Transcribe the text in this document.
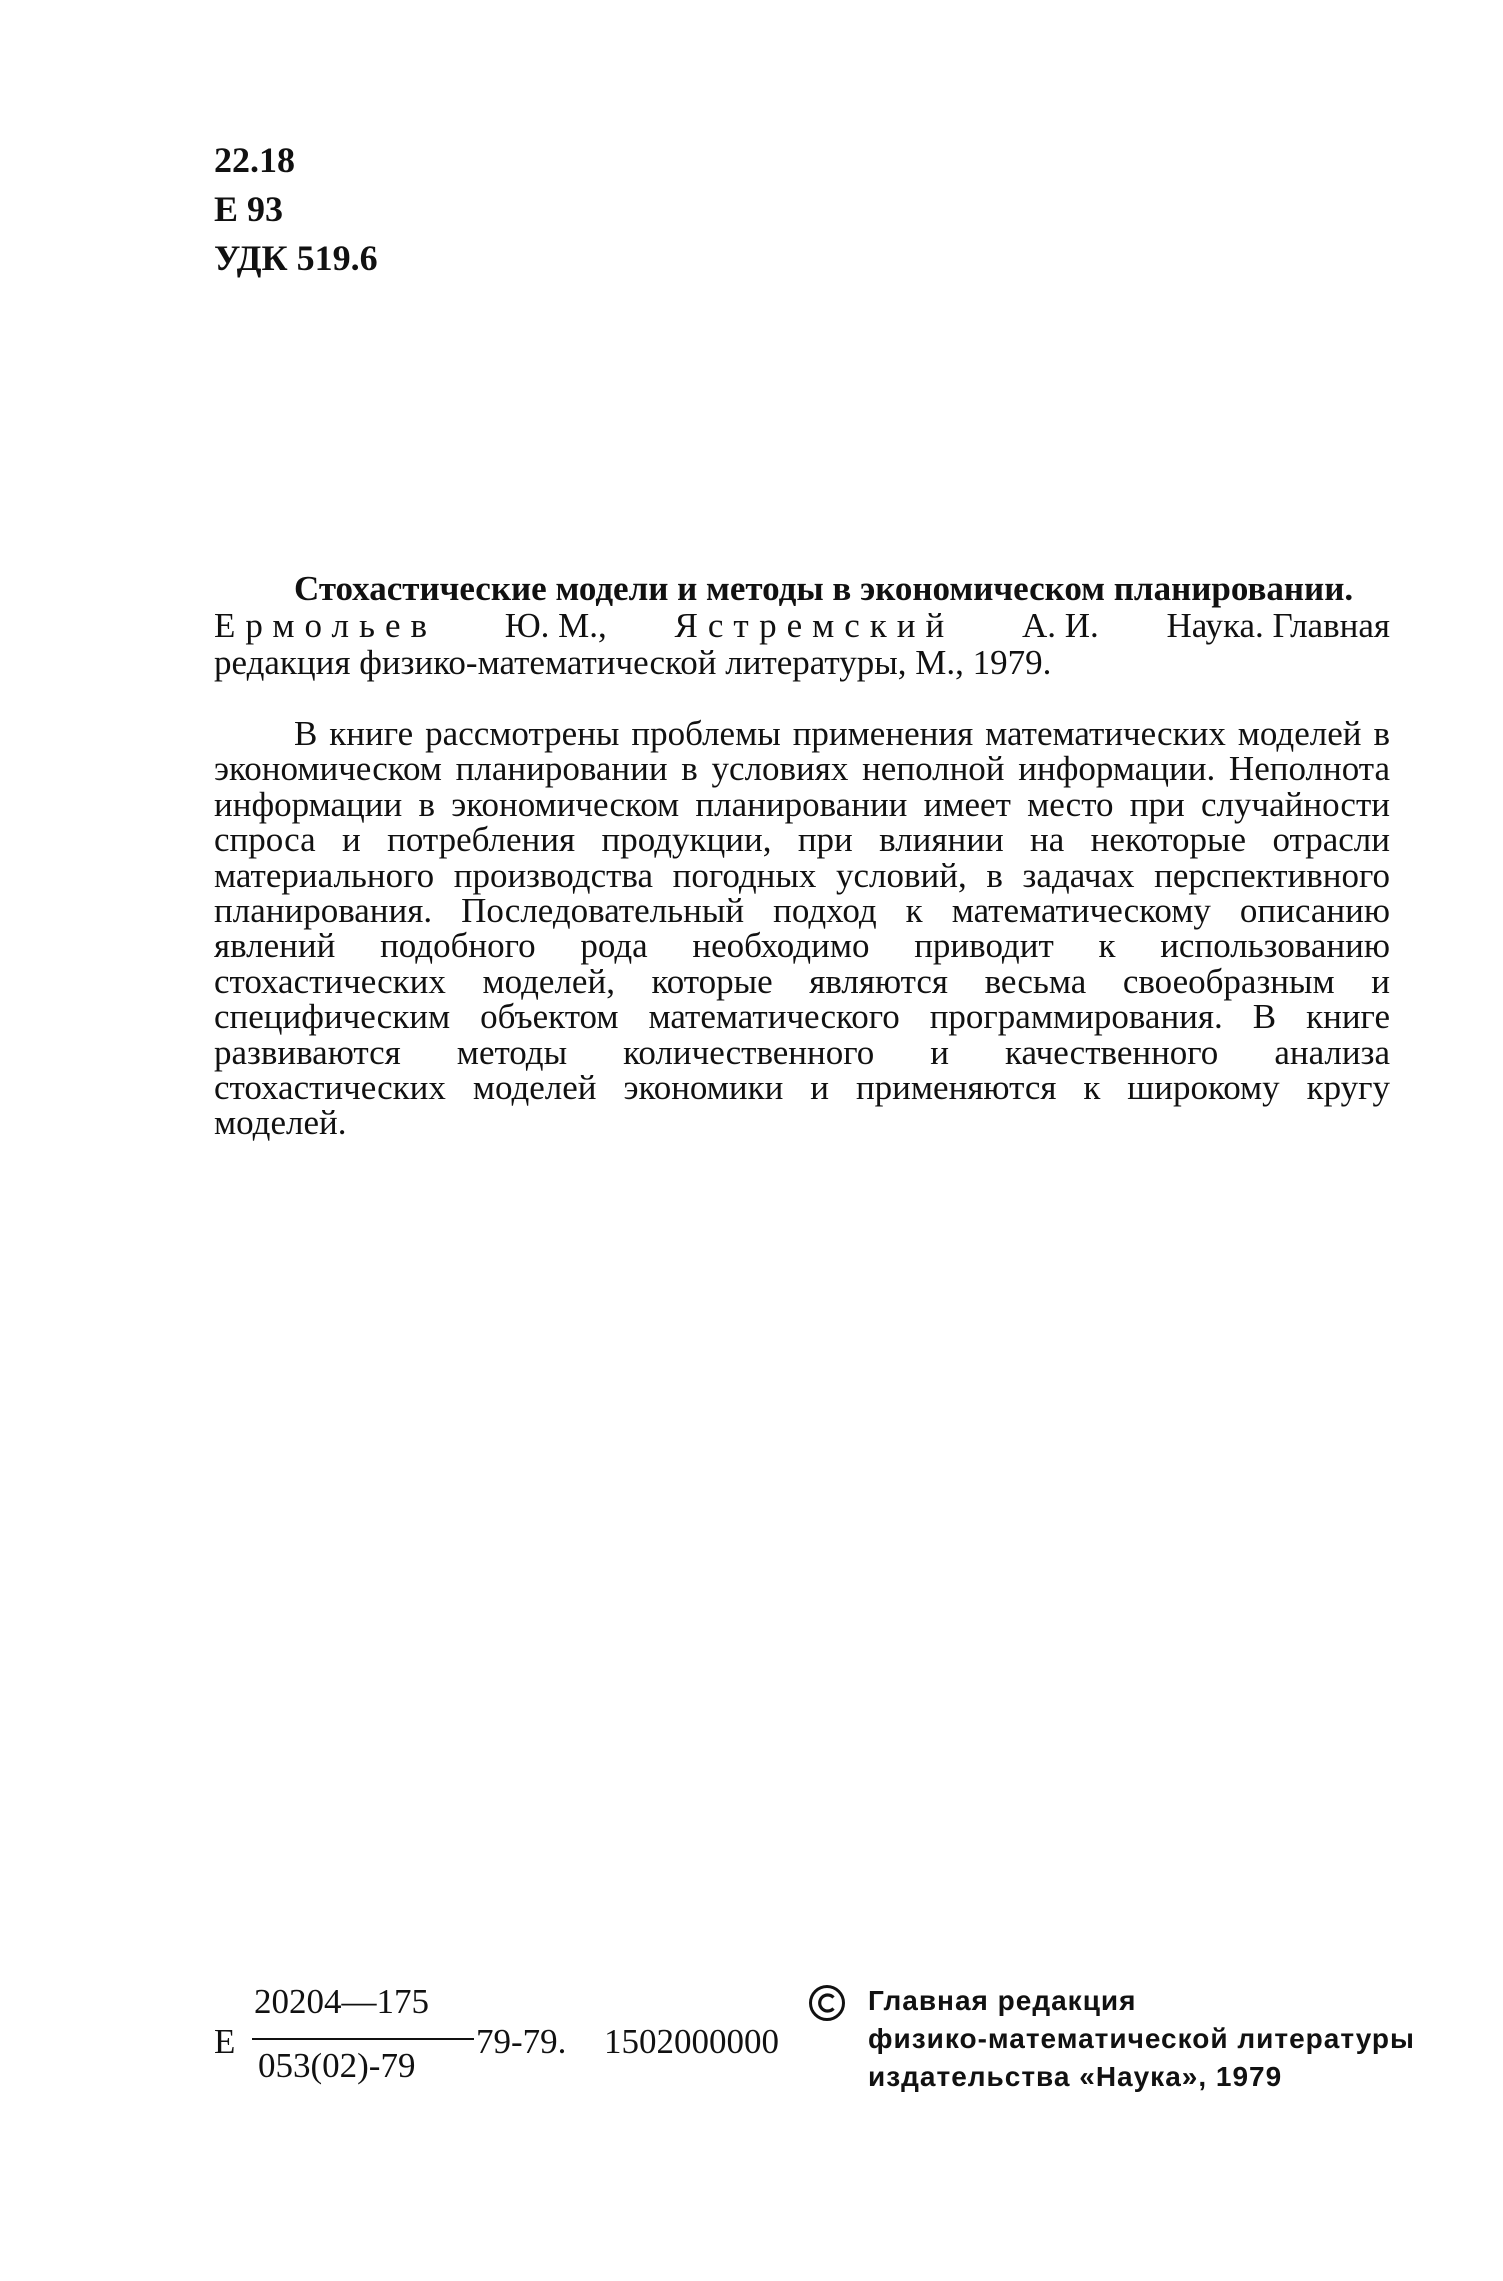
22.18
Е 93
УДК 519.6
Стохастические модели и методы в экономическом планировании.
Ермольев Ю. М., Ястремский А. И. Наука. Главная
редакция физико-математической литературы, М., 1979.
В книге рассмотрены проблемы применения математических моделей в экономическом планировании в условиях неполной информации. Неполнота информации в экономическом планировании имеет место при случайности спроса и потребления продукции, при влиянии на некоторые отрасли материального производства погодных условий, в задачах перспективного планирования. Последовательный подход к математическому описанию явлений подобного рода необходимо приводит к использованию стохастических моделей, которые являются весьма своеобразным и специфическим объектом математического программирования. В книге развиваются методы количественного и качественного анализа стохастических моделей экономики и применяются к широкому кругу моделей.
Е
20204—175
053(02)-79
79-79. 1502000000
Главная редакция
физико-математической литературы
издательства «Наука», 1979
